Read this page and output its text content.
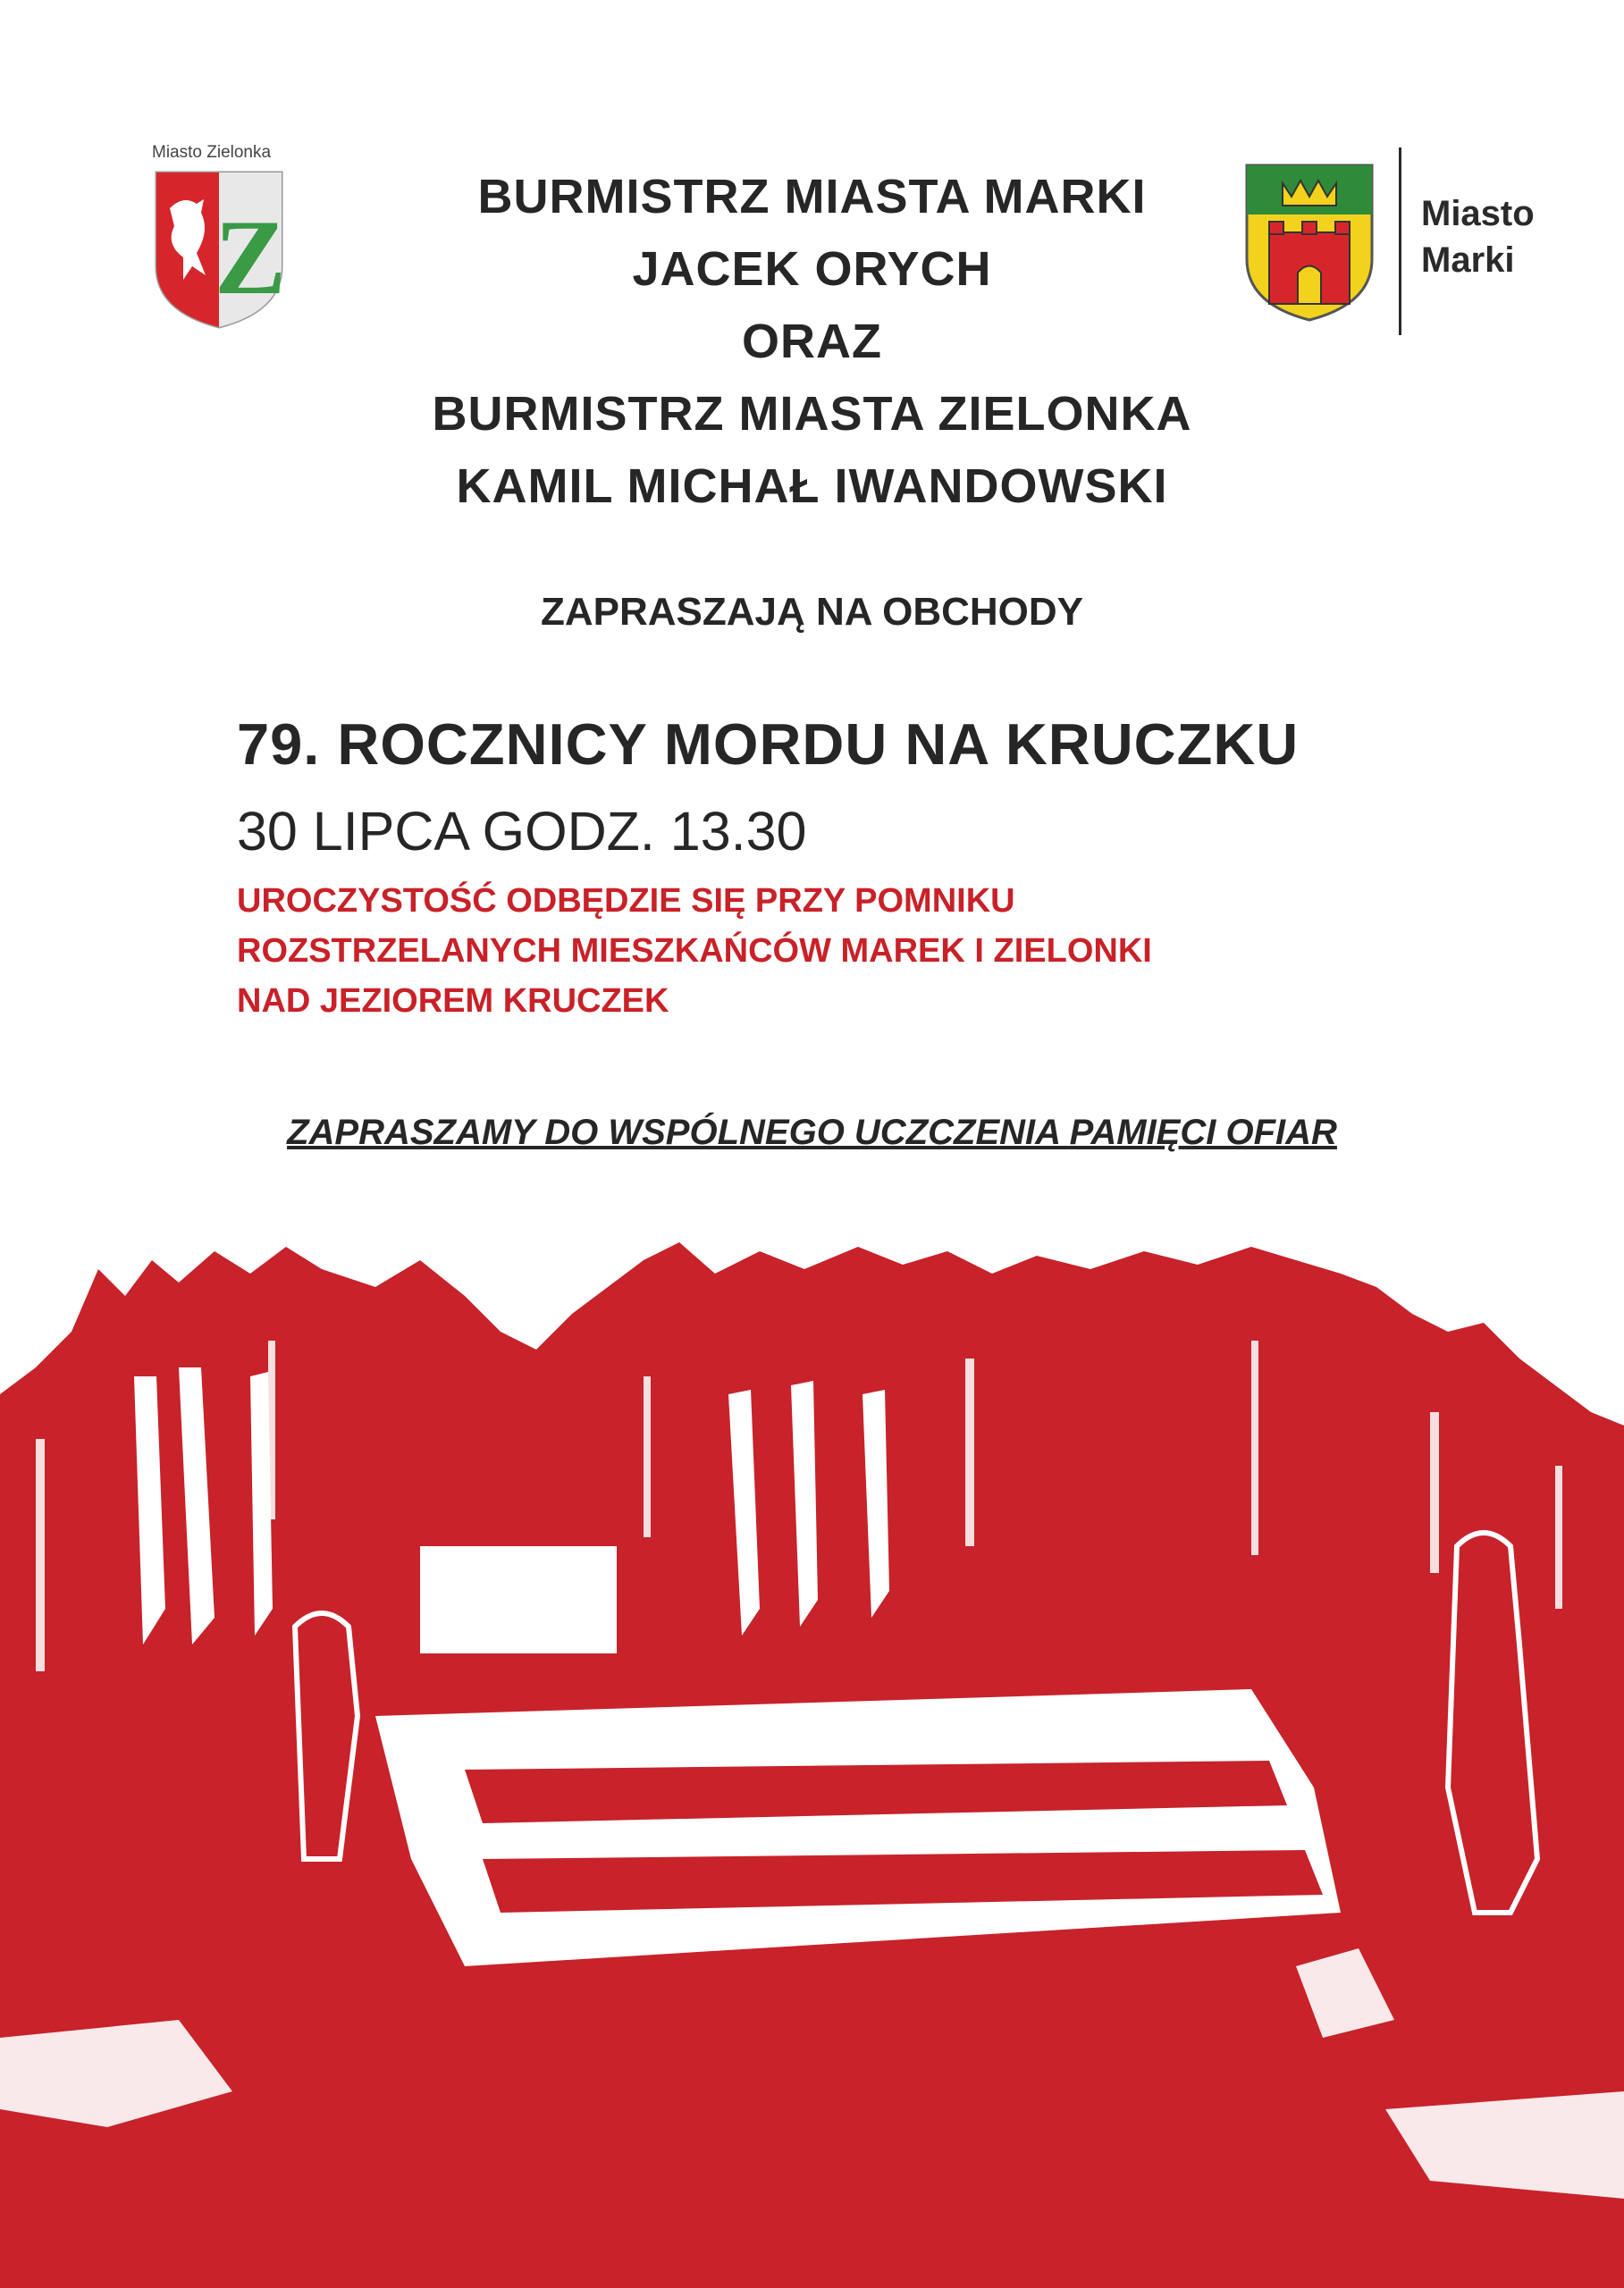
Miasto Zielonka
Z	Miasto
Marki
BURMISTRZ MIASTA MARKI
JACEK ORYCH
ORAZ
BURMISTRZ MIASTA ZIELONKA
KAMIL MICHAŁ IWANDOWSKI
ZAPRASZAJĄ NA OBCHODY
79. ROCZNICY MORDU NA KRUCZKU
30 LIPCA GODZ. 13.30
UROCZYSTOŚĆ ODBĘDZIE SIĘ PRZY POMNIKU
ROZSTRZELANYCH MIESZKAŃCÓW MAREK I ZIELONKI
NAD JEZIOREM KRUCZEK
ZAPRASZAMY DO WSPÓLNEGO UCZCZENIA PAMIĘCI OFIAR
